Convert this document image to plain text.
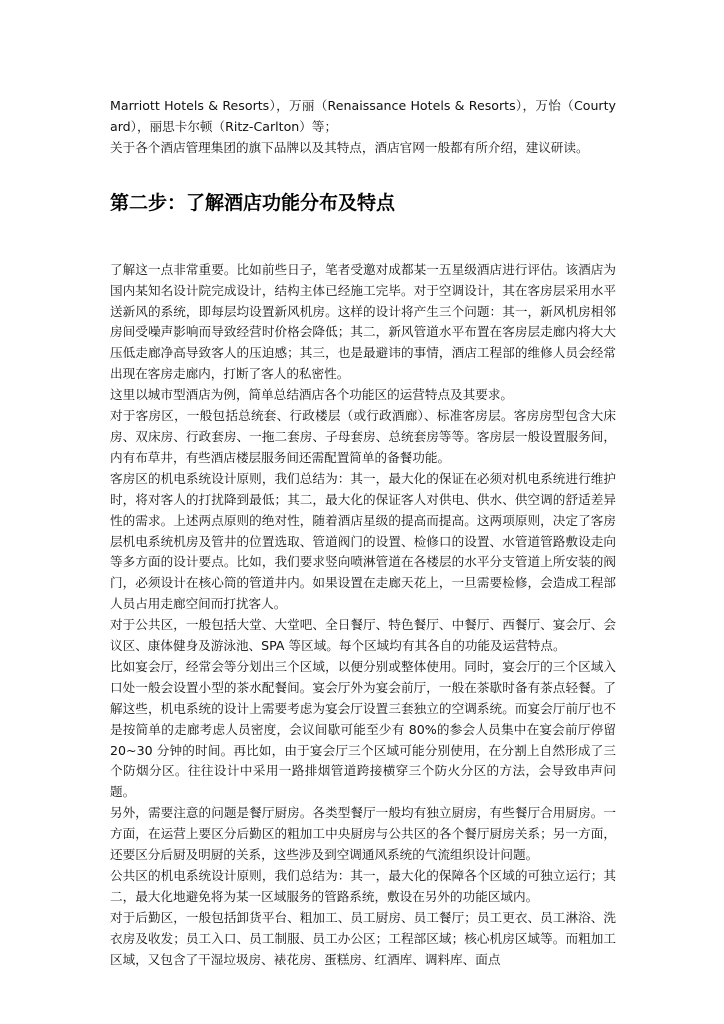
Marriott Hotels & Resorts），万丽（Renaissance Hotels & Resorts），万怡（Courtyard），丽思卡尔顿（Ritz-Carlton）等；

关于各个酒店管理集团的旗下品牌以及其特点，酒店官网一般都有所介绍，建议研读。

第二步：了解酒店功能分布及特点

了解这一点非常重要。比如前些日子，笔者受邀对成都某一五星级酒店进行评估。该酒店为国内某知名设计院完成设计，结构主体已经施工完毕。对于空调设计，其在客房层采用水平送新风的系统，即每层均设置新风机房。这样的设计将产生三个问题：其一，新风机房相邻房间受噪声影响而导致经营时价格会降低；其二，新风管道水平布置在客房层走廊内将大大压低走廊净高导致客人的压迫感；其三，也是最避讳的事情，酒店工程部的维修人员会经常出现在客房走廊内，打断了客人的私密性。

这里以城市型酒店为例，简单总结酒店各个功能区的运营特点及其要求。

对于客房区，一般包括总统套、行政楼层（或行政酒廊）、标准客房层。客房房型包含大床房、双床房、行政套房、一拖二套房、子母套房、总统套房等等。客房层一般设置服务间，内有布草井，有些酒店楼层服务间还需配置简单的备餐功能。

客房区的机电系统设计原则，我们总结为：其一，最大化的保证在必须对机电系统进行维护时，将对客人的打扰降到最低；其二，最大化的保证客人对供电、供水、供空调的舒适差异性的需求。上述两点原则的绝对性，随着酒店星级的提高而提高。这两项原则，决定了客房层机电系统机房及管井的位置选取、管道阀门的设置、检修口的设置、水管道管路敷设走向等多方面的设计要点。比如，我们要求竖向喷淋管道在各楼层的水平分支管道上所安装的阀门，必须设计在核心筒的管道井内。如果设置在走廊天花上，一旦需要检修，会造成工程部人员占用走廊空间而打扰客人。

对于公共区，一般包括大堂、大堂吧、全日餐厅、特色餐厅、中餐厅、西餐厅、宴会厅、会议区、康体健身及游泳池、SPA 等区域。每个区域均有其各自的功能及运营特点。

比如宴会厅，经常会等分划出三个区域，以便分别或整体使用。同时，宴会厅的三个区域入口处一般会设置小型的茶水配餐间。宴会厅外为宴会前厅，一般在茶歇时备有茶点轻餐。了解这些，机电系统的设计上需要考虑为宴会厅设置三套独立的空调系统。而宴会厅前厅也不是按简单的走廊考虑人员密度，会议间歇可能至少有 80%的参会人员集中在宴会前厅停留 20~30 分钟的时间。再比如，由于宴会厅三个区域可能分别使用，在分割上自然形成了三个防烟分区。往往设计中采用一路排烟管道跨接横穿三个防火分区的方法，会导致串声问题。

另外，需要注意的问题是餐厅厨房。各类型餐厅一般均有独立厨房，有些餐厅合用厨房。一方面，在运营上要区分后勤区的粗加工中央厨房与公共区的各个餐厅厨房关系；另一方面，还要区分后厨及明厨的关系，这些涉及到空调通风系统的气流组织设计问题。

公共区的机电系统设计原则，我们总结为：其一，最大化的保障各个区域的可独立运行；其二，最大化地避免将为某一区域服务的管路系统，敷设在另外的功能区域内。

对于后勤区，一般包括卸货平台、粗加工、员工厨房、员工餐厅；员工更衣、员工淋浴、洗衣房及收发；员工入口、员工制服、员工办公区；工程部区域；核心机房区域等。而粗加工区域，又包含了干湿垃圾房、裱花房、蛋糕房、红酒库、调料库、面点
